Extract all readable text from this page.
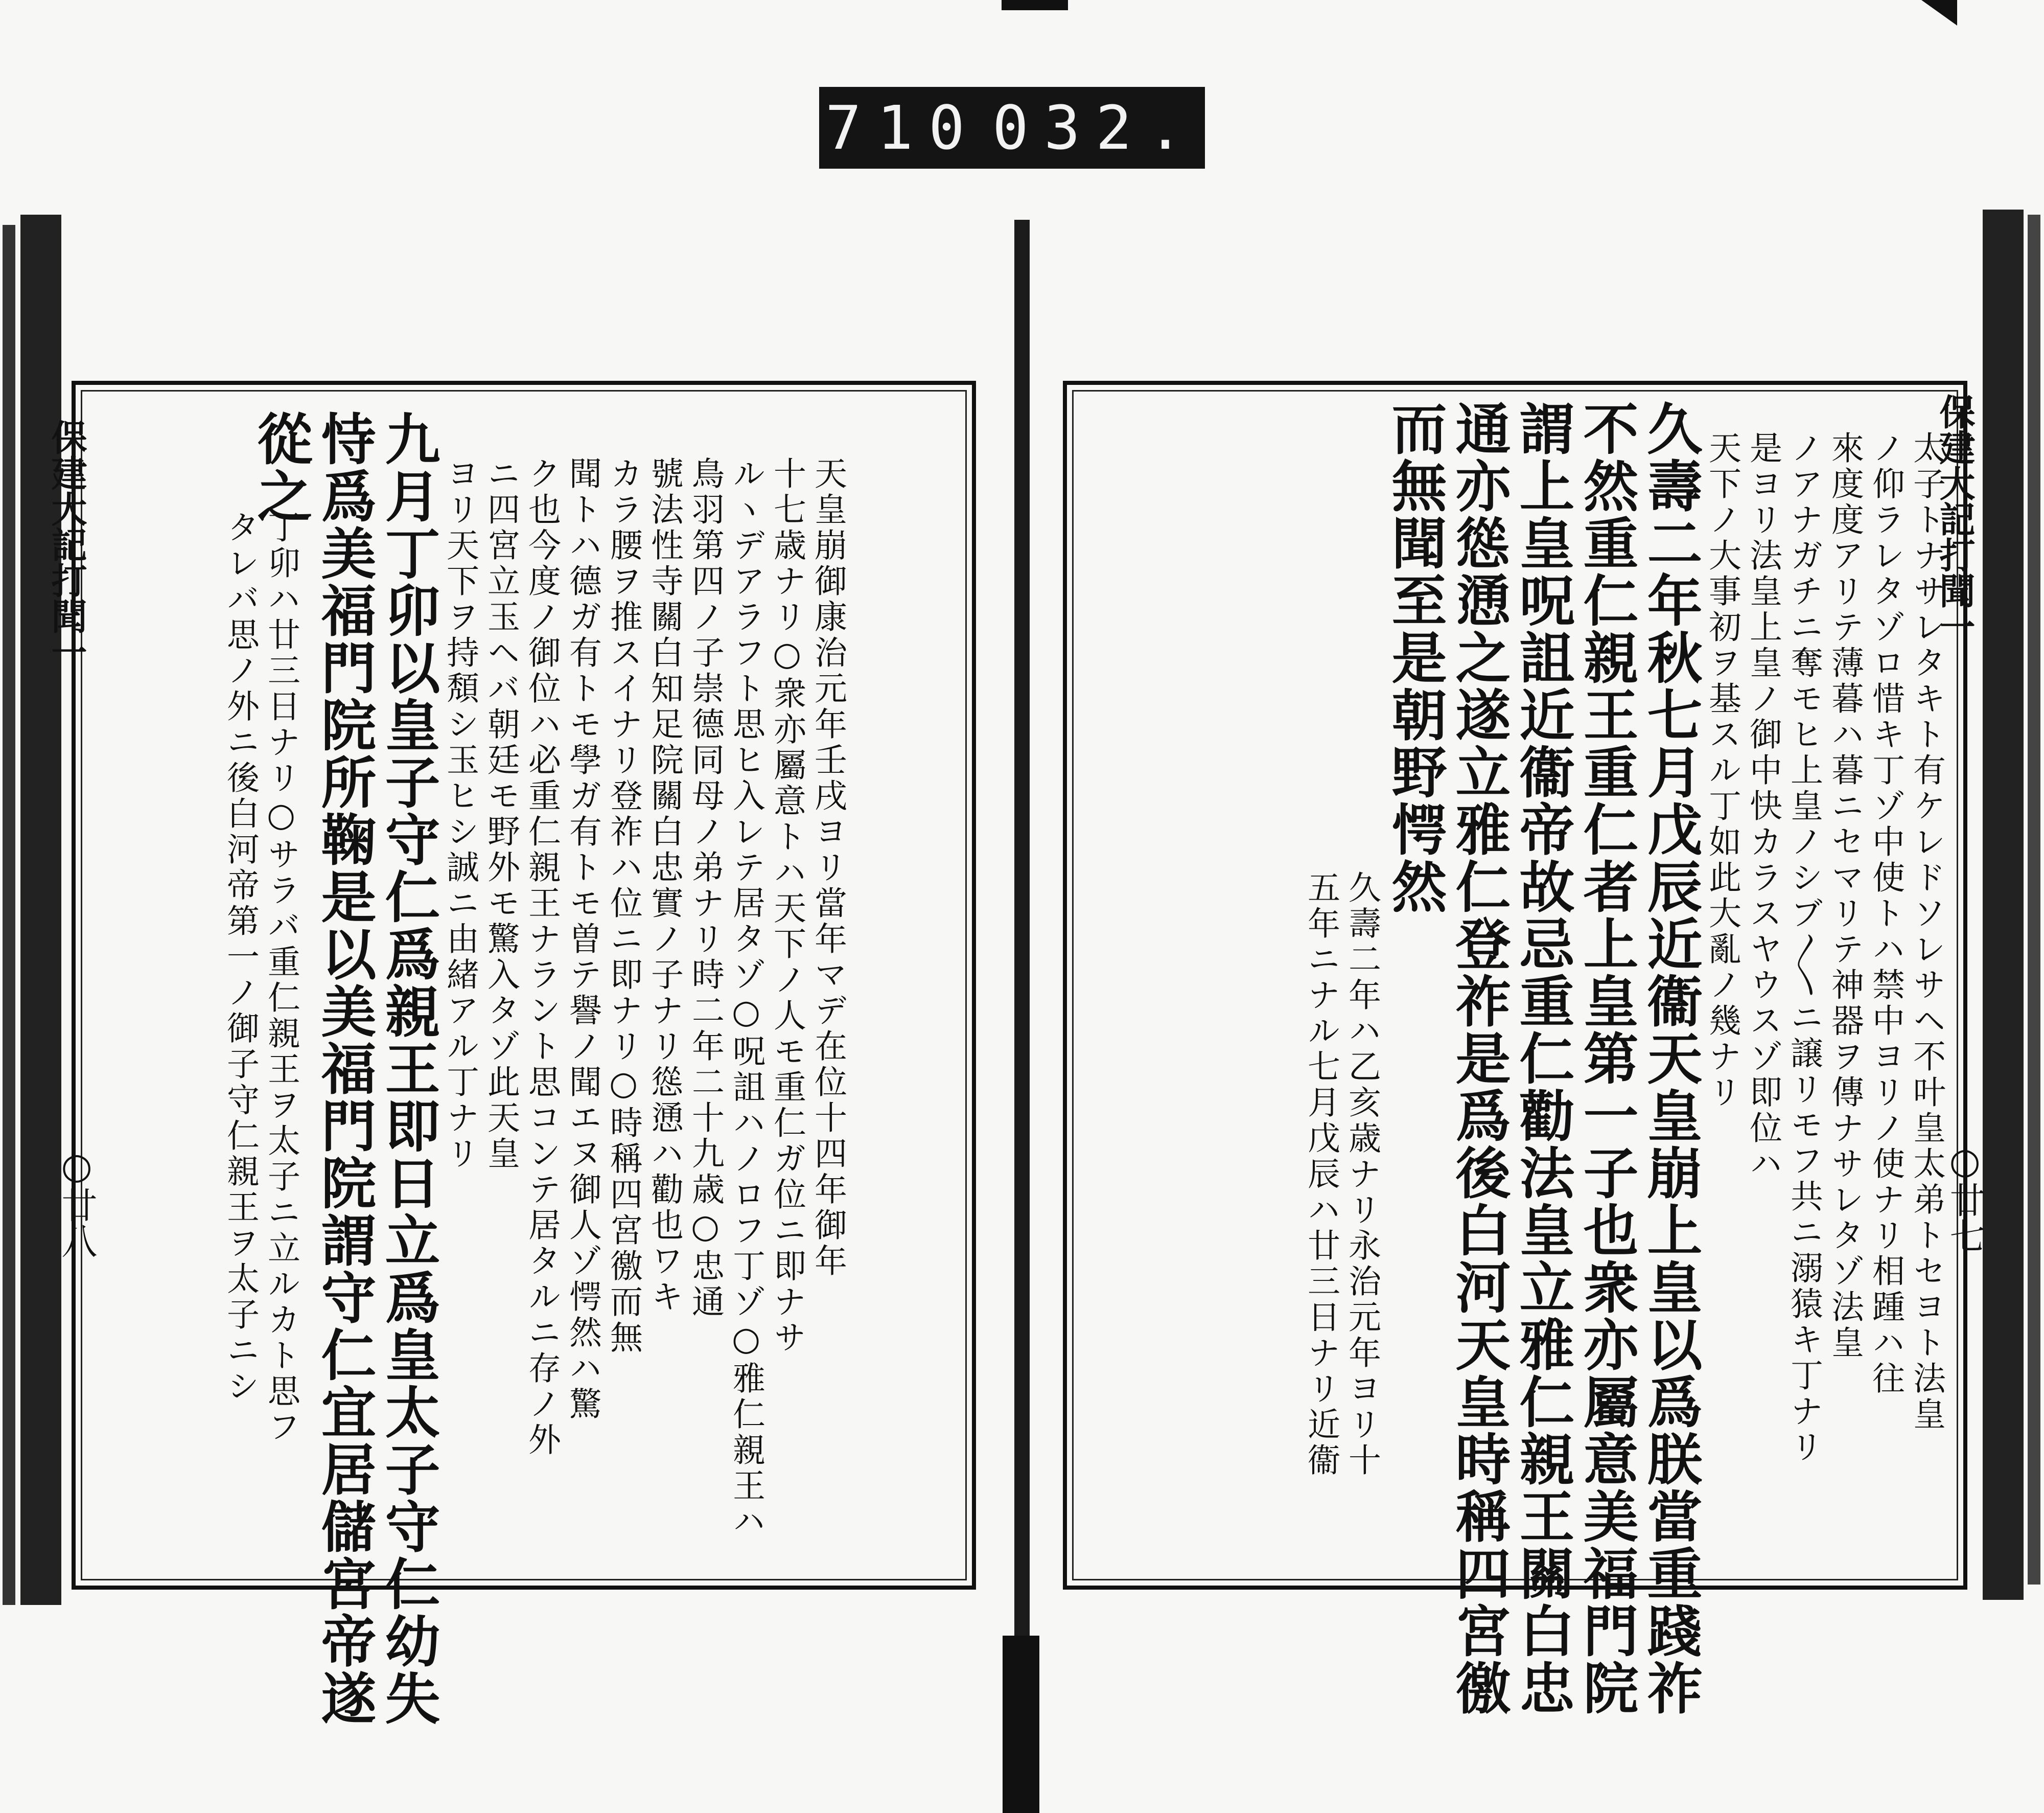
710 032.
天皇崩御康治元年壬戌ヨリ當年マデ在位十四年御年
十七歳ナリ○衆亦屬意トハ天下ノ人モ重仁ガ位ニ即ナサ
ルヽデアラフト思ヒ入レテ居タゾ○呪詛ハノロフ丁ゾ○雅仁親王ハ
鳥羽第四ノ子崇德同母ノ弟ナリ時二年二十九歳○忠通
號法性寺關白知足院關白忠實ノ子ナリ慫慂ハ勸也ワキ
カラ腰ヲ推スイナリ登祚ハ位ニ即ナリ○時稱四宮徼而無
聞トハ德ガ有トモ學ガ有トモ曽テ譽ノ聞エヌ御人ゾ愕然ハ驚
ク也今度ノ御位ハ必重仁親王ナラント思コンテ居タルニ存ノ外
ニ四宮立玉ヘバ朝廷モ野外モ驚入タゾ此天皇
ヨリ天下ヲ持頽シ玉ヒシ誠ニ由緒アル丁ナリ
九月丁卯以皇子守仁爲親王即日立爲皇太子守仁幼失
恃爲美福門院所鞠是以美福門院謂守仁宜居儲宮帝遂
從之
丁卯ハ廿三日ナリ○サラバ重仁親王ヲ太子ニ立ルカト思フ
タレバ思ノ外ニ後白河帝第一ノ御子守仁親王ヲ太子ニシ
保建大記打聞一
○廿八	太子トナサレタキト有ケレドソレサヘ不叶皇太弟トセヨト法皇
ノ仰ラレタゾロ惜キ丁ゾ中使トハ禁中ヨリノ使ナリ相踵ハ往
來度度アリテ薄暮ハ暮ニセマリテ神器ヲ傳ナサレタゾ法皇
ノアナガチニ奪モヒ上皇ノシブ〱ニ譲リモフ共ニ溺猿キ丁ナリ
是ヨリ法皇上皇ノ御中快カラスヤウスゾ即位ハ
天下ノ大事初ヲ基スル丁如此大亂ノ幾ナリ
久壽二年秋七月戊辰近衞天皇崩上皇以爲朕當重踐祚
不然重仁親王重仁者上皇第一子也衆亦屬意美福門院
謂上皇呪詛近衞帝故忌重仁勸法皇立雅仁親王關白忠
通亦慫慂之遂立雅仁登祚是爲後白河天皇時稱四宮徼
而無聞至是朝野愕然
久壽二年ハ乙亥歳ナリ永治元年ヨリ十
五年ニナル七月戊辰ハ廿三日ナリ近衞
保建大記打聞一
○廿七
